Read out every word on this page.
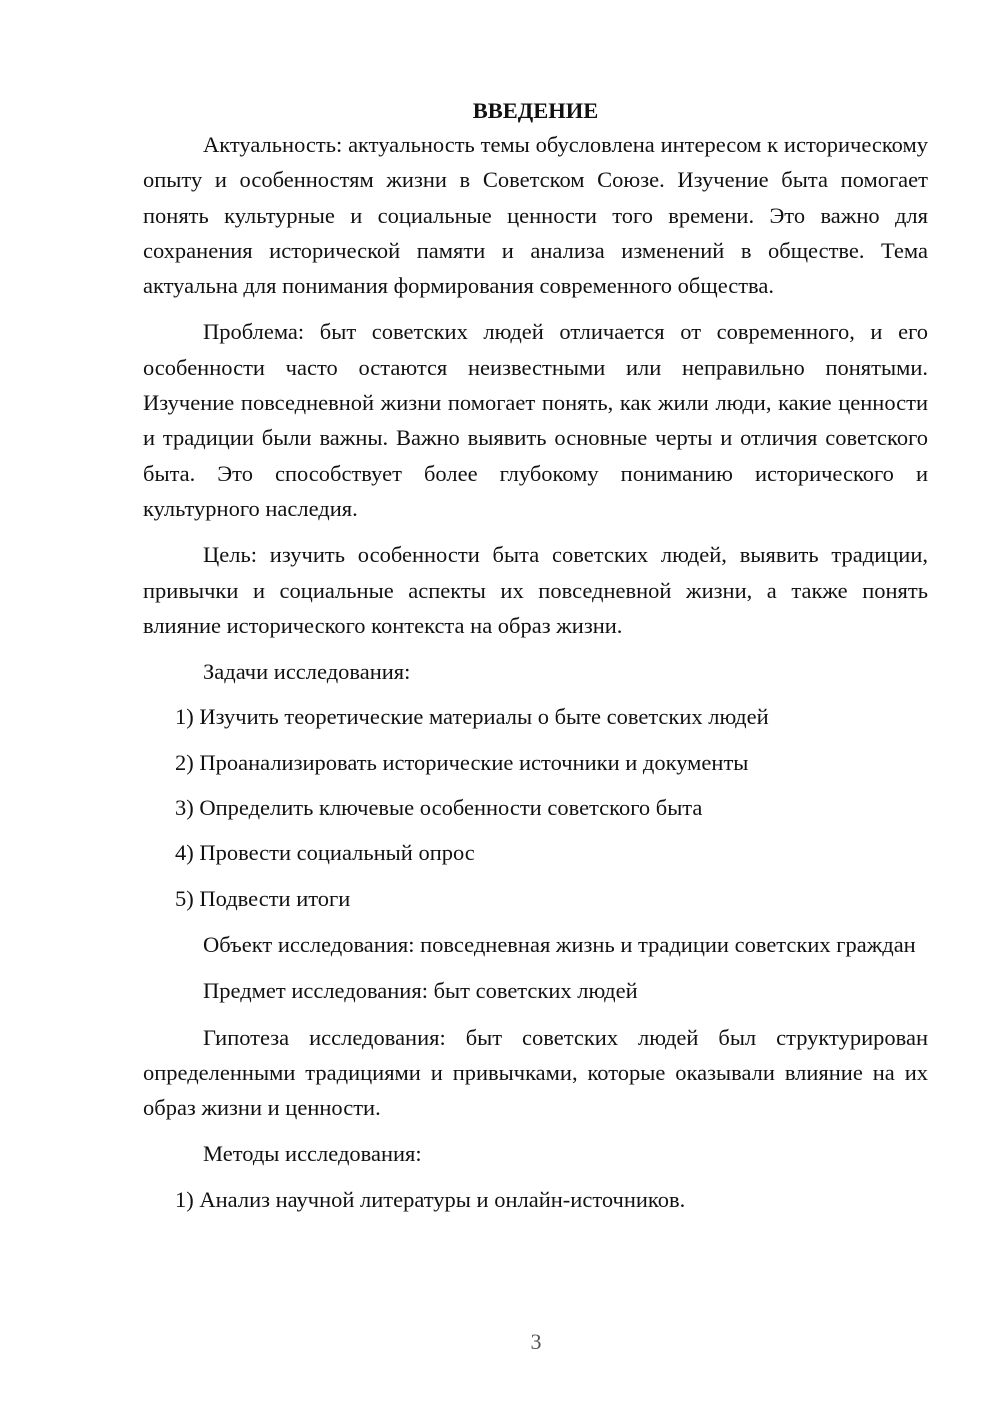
ВВЕДЕНИЕ

Актуальность: актуальность темы обусловлена интересом к историческому опыту и особенностям жизни в Советском Союзе. Изучение быта помогает понять культурные и социальные ценности того времени. Это важно для сохранения исторической памяти и анализа изменений в обществе. Тема актуальна для понимания формирования современного общества.

Проблема: быт советских людей отличается от современного, и его особенности часто остаются неизвестными или неправильно понятыми. Изучение повседневной жизни помогает понять, как жили люди, какие ценности и традиции были важны. Важно выявить основные черты и отличия советского быта. Это способствует более глубокому пониманию исторического и культурного наследия.

Цель: изучить особенности быта советских людей, выявить традиции, привычки и социальные аспекты их повседневной жизни, а также понять влияние исторического контекста на образ жизни.

Задачи исследования:

1) Изучить теоретические материалы о быте советских людей
2) Проанализировать исторические источники и документы
3) Определить ключевые особенности советского быта
4) Провести социальный опрос
5) Подвести итоги

Объект исследования: повседневная жизнь и традиции советских граждан

Предмет исследования: быт советских людей

Гипотеза исследования: быт советских людей был структурирован определенными традициями и привычками, которые оказывали влияние на их образ жизни и ценности.

Методы исследования:

1) Анализ научной литературы и онлайн-источников.
3
